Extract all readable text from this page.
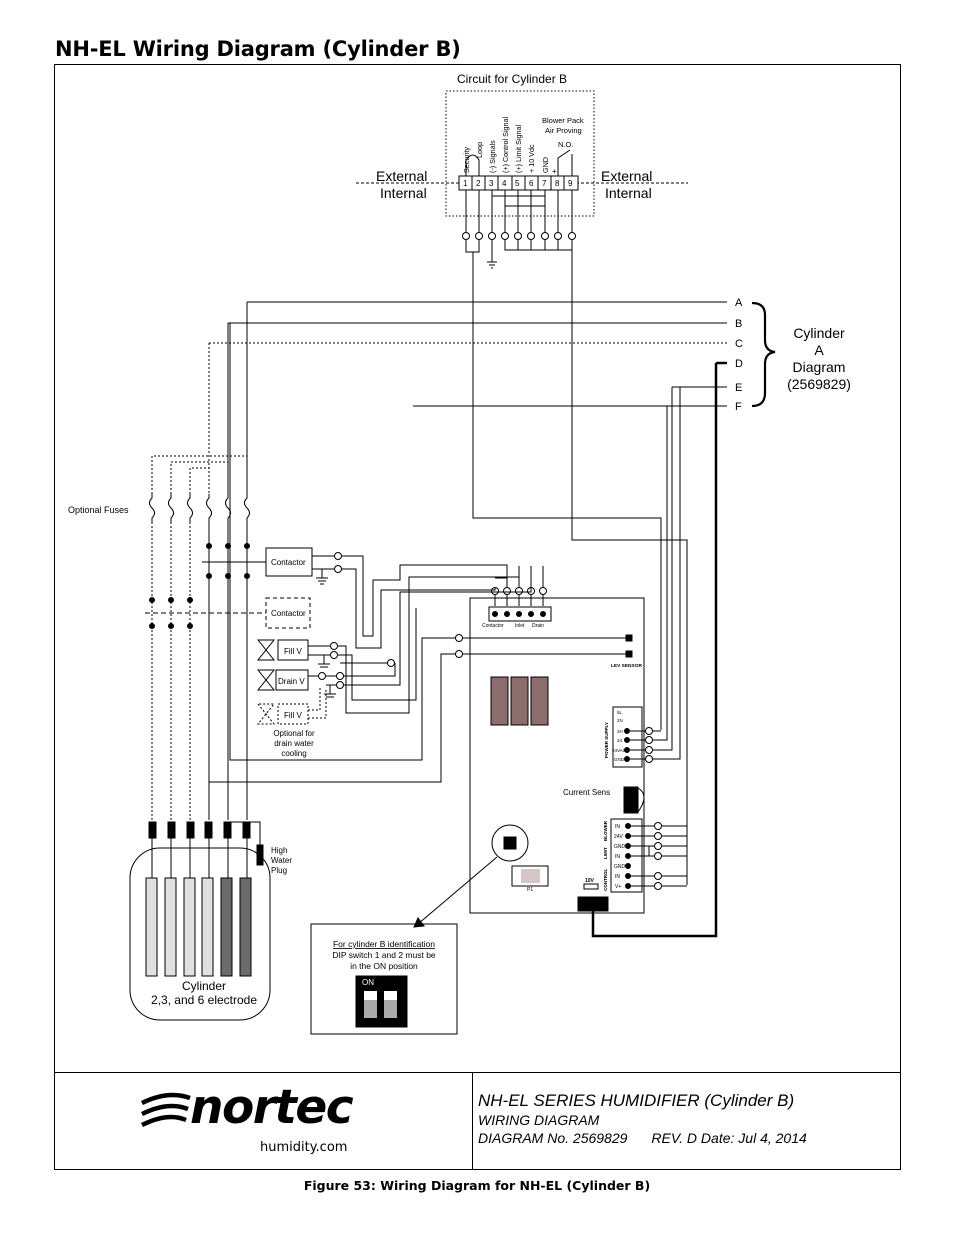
NH-EL Wiring Diagram (Cylinder B)
Circuit for Cylinder B
External
Internal
External
Internal
Security Loop (-) Signals (+) Control Signal (+) Limit Signal + 10 Vdc GND
1 2 3 4 5 6 7 8 9
Blower Pack
Air Proving
N.O.
+
A
B
C
D
E
F
Cylinder
A
Diagram
(2569829)
Optional Fuses
Contactor
Contactor
Fill V
Drain V
Fill V
Optional for
drain water
cooling
High
Water
Plug
Cylinder
2,3, and 6 electrode
Contactor Inlet Drain
LEV SENSOR
POWER SUPPLY
5L
2N
3H
24
24VAC
GND
Current Sens
BLOWER
LIMIT
CONTROL
IN
24V
GND
IN
GND
IN
V+
P1
10V
For cylinder B identification
DIP switch 1 and 2 must be
in the ON position
ON
nortec
humidity.com
NH-EL SERIES HUMIDIFIER (Cylinder B)
WIRING DIAGRAM
DIAGRAM No. 2569829 REV. D Date: Jul 4, 2014
Figure 53: Wiring Diagram for NH-EL (Cylinder B)
